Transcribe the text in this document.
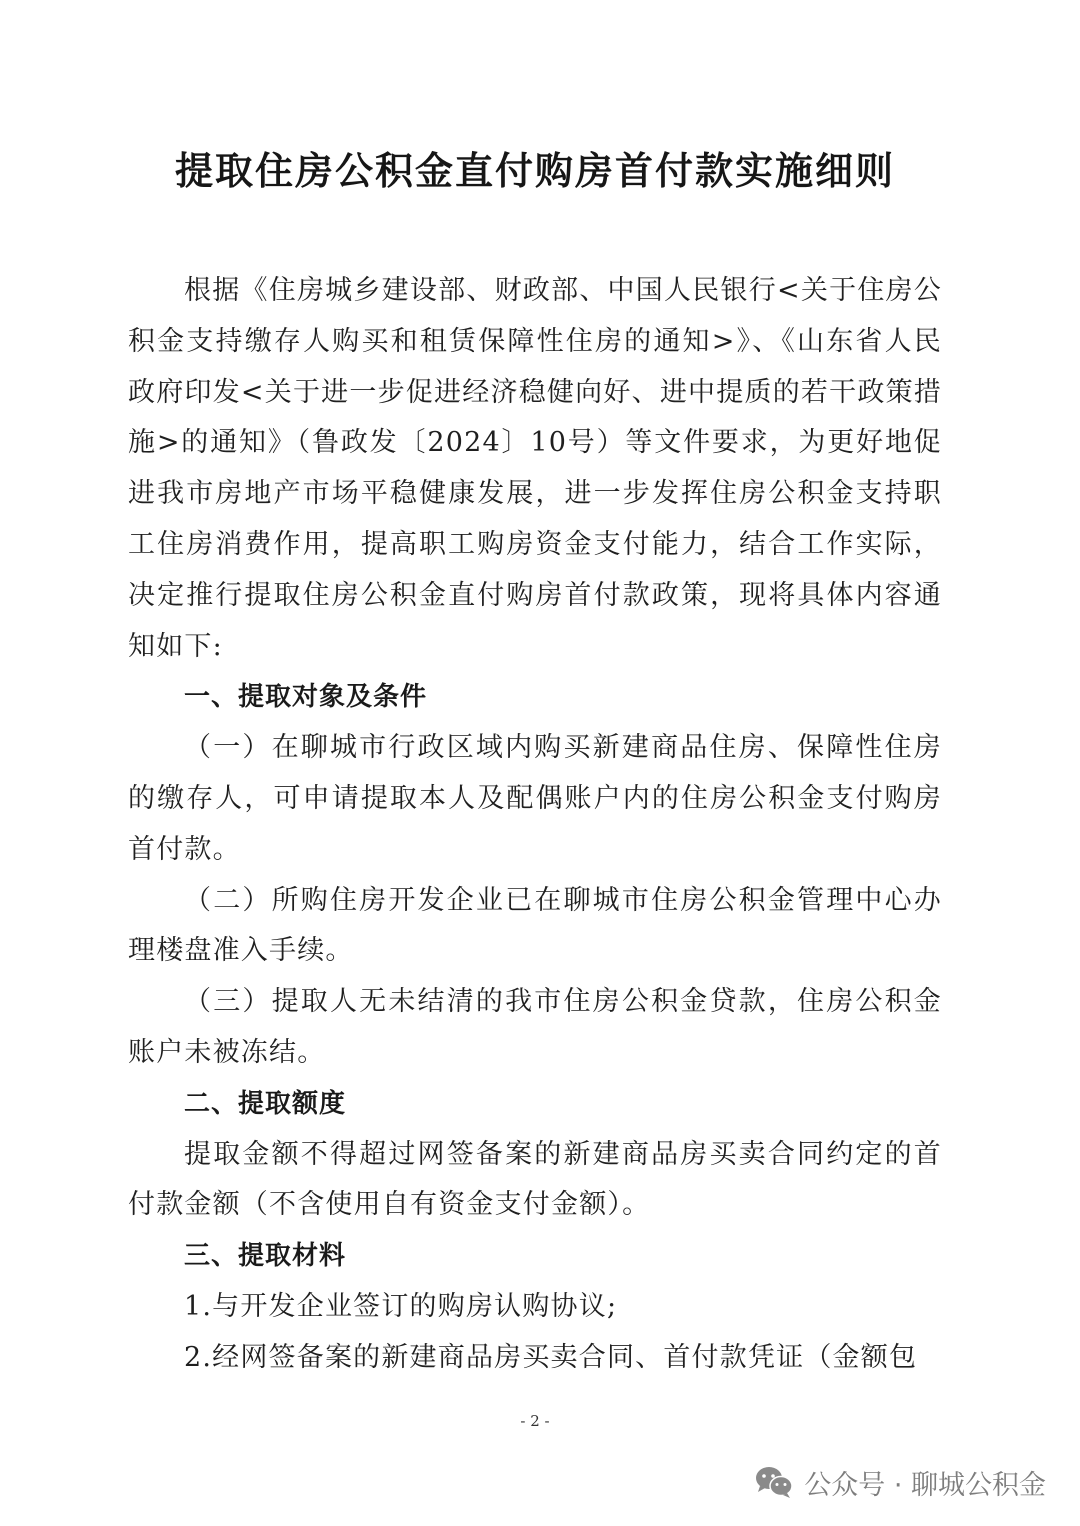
提取住房公积金直付购房首付款实施细则

根据《住房城乡建设部、财政部、中国人民银行<关于住房公积金支持缴存人购买和租赁保障性住房的通知>》、《山东省人民政府印发<关于进一步促进经济稳健向好、进中提质的若干政策措施>的通知》（鲁政发〔2024〕10号）等文件要求，为更好地促进我市房地产市场平稳健康发展，进一步发挥住房公积金支持职工住房消费作用，提高职工购房资金支付能力，结合工作实际，决定推行提取住房公积金直付购房首付款政策，现将具体内容通知如下:

一、提取对象及条件

（一）在聊城市行政区域内购买新建商品住房、保障性住房的缴存人，可申请提取本人及配偶账户内的住房公积金支付购房首付款。

（二）所购住房开发企业已在聊城市住房公积金管理中心办理楼盘准入手续。

（三）提取人无未结清的我市住房公积金贷款，住房公积金账户未被冻结。

二、提取额度

提取金额不得超过网签备案的新建商品房买卖合同约定的首付款金额（不含使用自有资金支付金额）。

三、提取材料

1.与开发企业签订的购房认购协议;

2.经网签备案的新建商品房买卖合同、首付款凭证（金额包

- 2 -
公众号 · 聊城公积金
